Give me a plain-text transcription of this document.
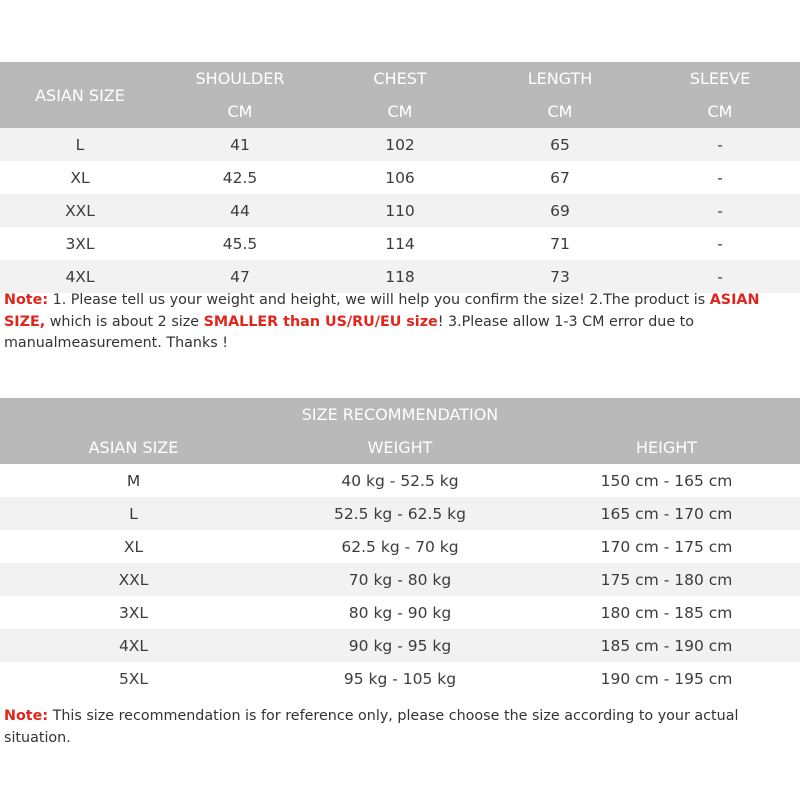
ASIAN SIZE	SHOULDER	CHEST	LENGTH	SLEEVE
	CM	CM	CM	CM
L	41	102	65	-
XL	42.5	106	67	-
XXL	44	110	69	-
3XL	45.5	114	71	-
4XL	47	118	73	-
Note: 1. Please tell us your weight and height, we will help you confirm the size! 2.The product is ASIAN SIZE, which is about 2 size SMALLER than US/RU/EU size! 3.Please allow 1-3 CM error due to manualmeasurement. Thanks !
SIZE RECOMMENDATION		
ASIAN SIZE	WEIGHT	HEIGHT
M	40 kg - 52.5 kg	150 cm - 165 cm
L	52.5 kg - 62.5 kg	165 cm - 170 cm
XL	62.5 kg - 70 kg	170 cm - 175 cm
XXL	70 kg - 80 kg	175 cm - 180 cm
3XL	80 kg - 90 kg	180 cm - 185 cm
4XL	90 kg - 95 kg	185 cm - 190 cm
5XL	95 kg - 105 kg	190 cm - 195 cm
Note: This size recommendation is for reference only, please choose the size according to your actual situation.
